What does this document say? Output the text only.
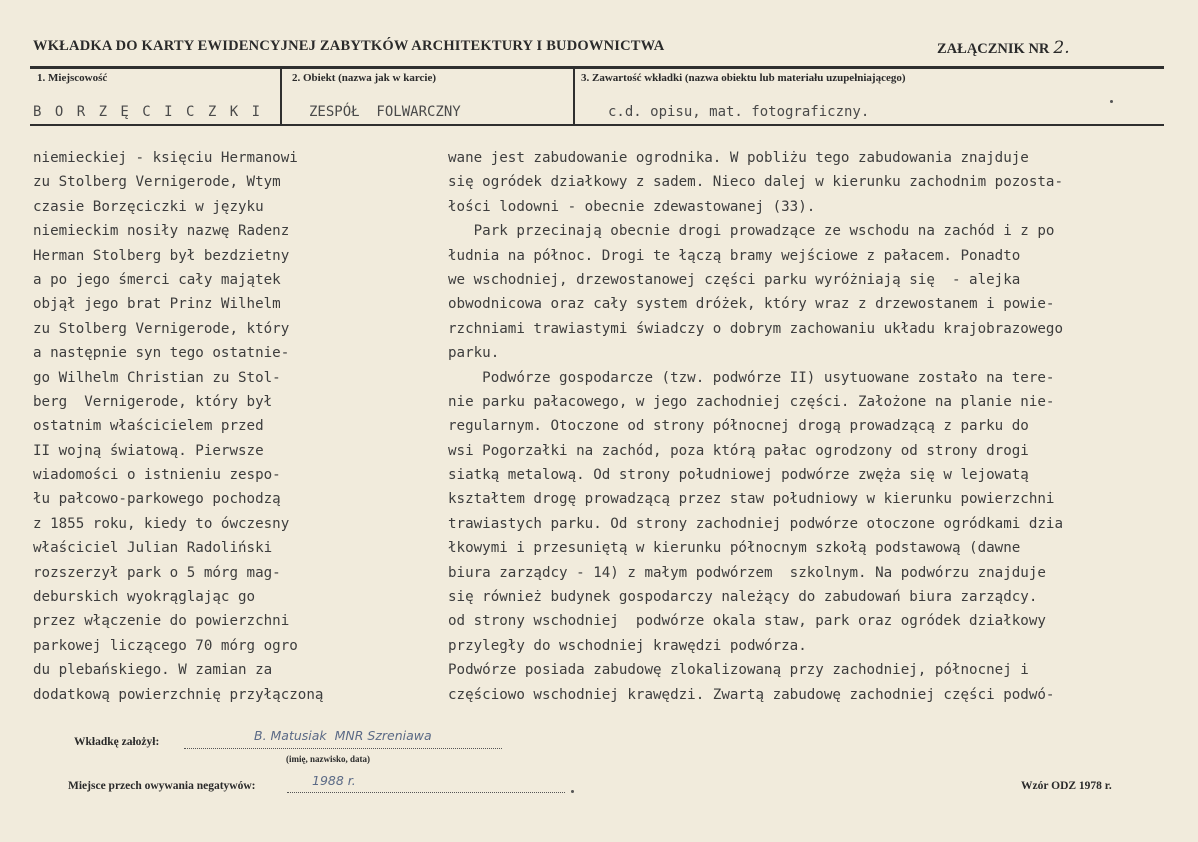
WKŁADKA DO KARTY EWIDENCYJNEJ ZABYTKÓW ARCHITEKTURY I BUDOWNICTWA	ZAŁĄCZNIK NR 2.
1. Miejscowość
B O R Z Ę C I C Z K I
2. Obiekt (nazwa jak w karcie)
ZESPÓŁ  FOLWARCZNY
3. Zawartość wkładki (nazwa obiektu lub materiału uzupełniającego)
c.d. opisu, mat. fotograficzny.
niemieckiej - księciu Hermanowi
zu Stolberg Vernigerode, Wtym
czasie Borzęciczki w języku
niemieckim nosiły nazwę Radenz
Herman Stolberg był bezdzietny
a po jego śmerci cały majątek
objął jego brat Prinz Wilhelm
zu Stolberg Vernigerode, który
a następnie syn tego ostatnie-
go Wilhelm Christian zu Stol-
berg  Vernigerode, który był
ostatnim właścicielem przed
II wojną światową. Pierwsze
wiadomości o istnieniu zespo-
łu pałcowo-parkowego pochodzą
z 1855 roku, kiedy to ówczesny
właściciel Julian Radoliński
rozszerzył park o 5 mórg mag-
deburskich wyokrąglając go
przez włączenie do powierzchni
parkowej liczącego 70 mórg ogro
du plebańskiego. W zamian za
dodatkową powierzchnię przyłączoną
wane jest zabudowanie ogrodnika. W pobliżu tego zabudowania znajduje
się ogródek działkowy z sadem. Nieco dalej w kierunku zachodnim pozosta-
łości lodowni - obecnie zdewastowanej (33).
Park przecinają obecnie drogi prowadzące ze wschodu na zachód i z po
łudnia na północ. Drogi te łączą bramy wejściowe z pałacem. Ponadto
we wschodniej, drzewostanowej części parku wyróżniają się  - alejka
obwodnicowa oraz cały system dróżek, który wraz z drzewostanem i powie-
rzchniami trawiastymi świadczy o dobrym zachowaniu układu krajobrazowego
parku.
Podwórze gospodarcze (tzw. podwórze II) usytuowane zostało na tere-
nie parku pałacowego, w jego zachodniej części. Założone na planie nie-
regularnym. Otoczone od strony północnej drogą prowadzącą z parku do
wsi Pogorzałki na zachód, poza którą pałac ogrodzony od strony drogi
siatką metalową. Od strony południowej podwórze zwęża się w lejowatą
kształtem drogę prowadzącą przez staw południowy w kierunku powierzchni
trawiastych parku. Od strony zachodniej podwórze otoczone ogródkami dzia
łkowymi i przesuniętą w kierunku północnym szkołą podstawową (dawne
biura zarządcy - 14) z małym podwórzem  szkolnym. Na podwórzu znajduje
się również budynek gospodarczy należący do zabudowań biura zarządcy.
od strony wschodniej  podwórze okala staw, park oraz ogródek działkowy
przyległy do wschodniej krawędzi podwórza.
Podwórze posiada zabudowę zlokalizowaną przy zachodniej, północnej i
częściowo wschodniej krawędzi. Zwartą zabudowę zachodniej części podwó-
Wkładkę założył:	B. Matusiak  MNR Szreniawa
(imię, nazwisko, data)
Miejsce przech owywania negatywów:	1988 r.	Wzór ODZ 1978 r.
